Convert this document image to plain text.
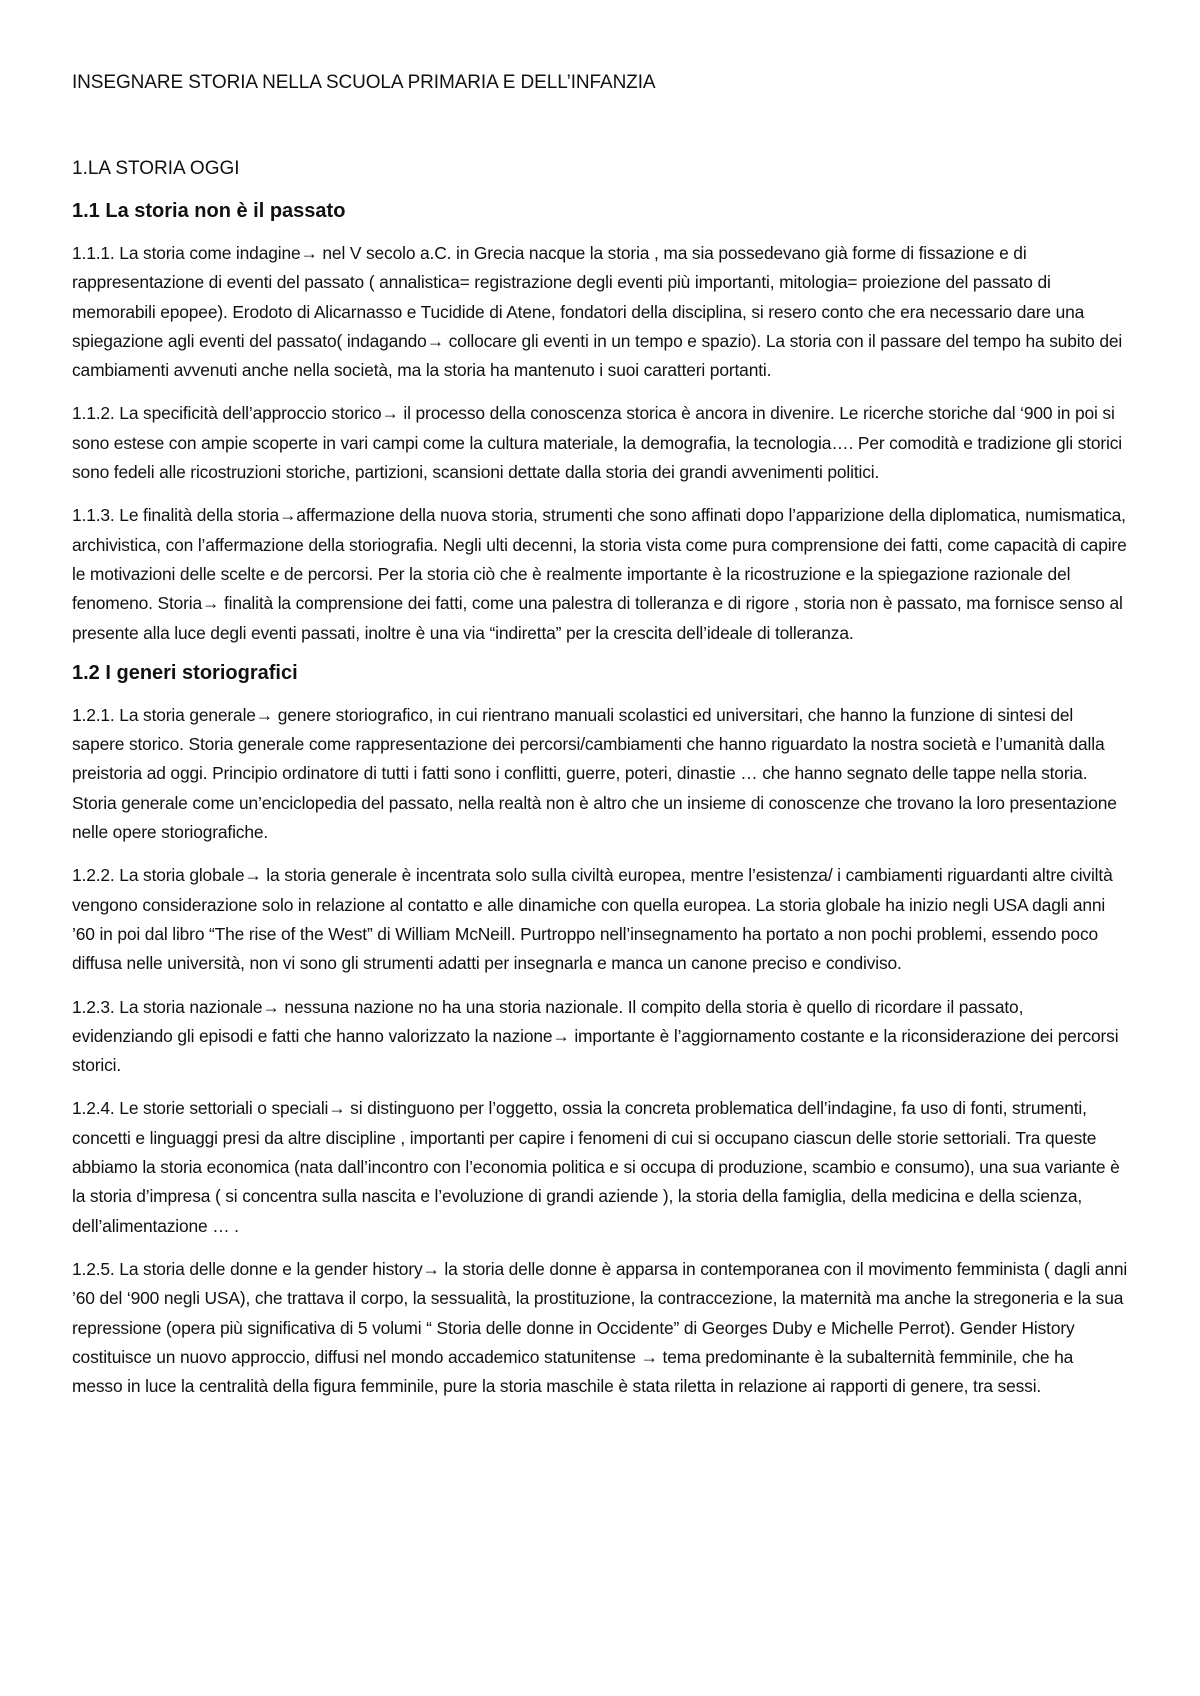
INSEGNARE STORIA NELLA SCUOLA PRIMARIA E DELL’INFANZIA
1.LA STORIA OGGI
1.1 La storia non è il passato

1.1.1. La storia come indagine→ nel V secolo a.C. in Grecia nacque la storia , ma sia possedevano già forme di fissazione e di rappresentazione di eventi del passato ( annalistica= registrazione degli eventi più importanti, mitologia= proiezione del passato di memorabili epopee). Erodoto di Alicarnasso e Tucidide di Atene, fondatori della disciplina, si resero conto che era necessario dare una spiegazione agli eventi del passato( indagando→ collocare gli eventi in un tempo e spazio). La storia con il passare del tempo ha subito dei cambiamenti avvenuti anche nella società, ma la storia ha mantenuto i suoi caratteri portanti.

1.1.2. La specificità dell’approccio storico→ il processo della conoscenza storica è ancora in divenire. Le ricerche storiche dal ‘900 in poi si sono estese con ampie scoperte in vari campi come la cultura materiale, la demografia, la tecnologia…. Per comodità e tradizione gli storici sono fedeli alle ricostruzioni storiche, partizioni, scansioni dettate dalla storia dei grandi avvenimenti politici.

1.1.3. Le finalità della storia→affermazione della nuova storia, strumenti che sono affinati dopo l’apparizione della diplomatica, numismatica, archivistica, con l’affermazione della storiografia. Negli ulti decenni, la storia vista come pura comprensione dei fatti, come capacità di capire le motivazioni delle scelte e de percorsi. Per la storia ciò che è realmente importante è la ricostruzione e la spiegazione razionale del fenomeno. Storia→ finalità la comprensione dei fatti, come una palestra di tolleranza e di rigore , storia non è passato, ma fornisce senso al presente alla luce degli eventi passati, inoltre è una via “indiretta” per la crescita dell’ideale di tolleranza.

1.2 I generi storiografici

1.2.1. La storia generale→ genere storiografico, in cui rientrano manuali scolastici ed universitari, che hanno la funzione di sintesi del sapere storico. Storia generale come rappresentazione dei percorsi/cambiamenti che hanno riguardato la nostra società e l’umanità dalla preistoria ad oggi. Principio ordinatore di tutti i fatti sono i conflitti, guerre, poteri, dinastie … che hanno segnato delle tappe nella storia. Storia generale come un’enciclopedia del passato, nella realtà non è altro che un insieme di conoscenze che trovano la loro presentazione nelle opere storiografiche.

1.2.2. La storia globale→ la storia generale è incentrata solo sulla civiltà europea, mentre l’esistenza/ i cambiamenti riguardanti altre civiltà vengono considerazione solo in relazione al contatto e alle dinamiche con quella europea. La storia globale ha inizio negli USA dagli anni ’60 in poi dal libro “The rise of the West” di William McNeill. Purtroppo nell’insegnamento ha portato a non pochi problemi, essendo poco diffusa nelle università, non vi sono gli strumenti adatti per insegnarla e manca un canone preciso e condiviso.

1.2.3. La storia nazionale→ nessuna nazione no ha una storia nazionale. Il compito della storia è quello di ricordare il passato, evidenziando gli episodi e fatti che hanno valorizzato la nazione→ importante è l’aggiornamento costante e la riconsiderazione dei percorsi storici.

1.2.4. Le storie settoriali o speciali→ si distinguono per l’oggetto, ossia la concreta problematica dell’indagine, fa uso di fonti, strumenti, concetti e linguaggi presi da altre discipline , importanti per capire i fenomeni di cui si occupano ciascun delle storie settoriali. Tra queste abbiamo la storia economica (nata dall’incontro con l’economia politica e si occupa di produzione, scambio e consumo), una sua variante è la storia d’impresa ( si concentra sulla nascita e l’evoluzione di grandi aziende ), la storia della famiglia, della medicina e della scienza, dell’alimentazione … .

1.2.5. La storia delle donne e la gender history→ la storia delle donne è apparsa in contemporanea con il movimento femminista ( dagli anni ’60 del ‘900 negli USA), che trattava il corpo, la sessualità, la prostituzione, la contraccezione, la maternità ma anche la stregoneria e la sua repressione (opera più significativa di 5 volumi “ Storia delle donne in Occidente” di Georges Duby e Michelle Perrot). Gender History costituisce un nuovo approccio, diffusi nel mondo accademico statunitense → tema predominante è la subalternità femminile, che ha messo in luce la centralità della figura femminile, pure la storia maschile è stata riletta in relazione ai rapporti di genere, tra sessi.
